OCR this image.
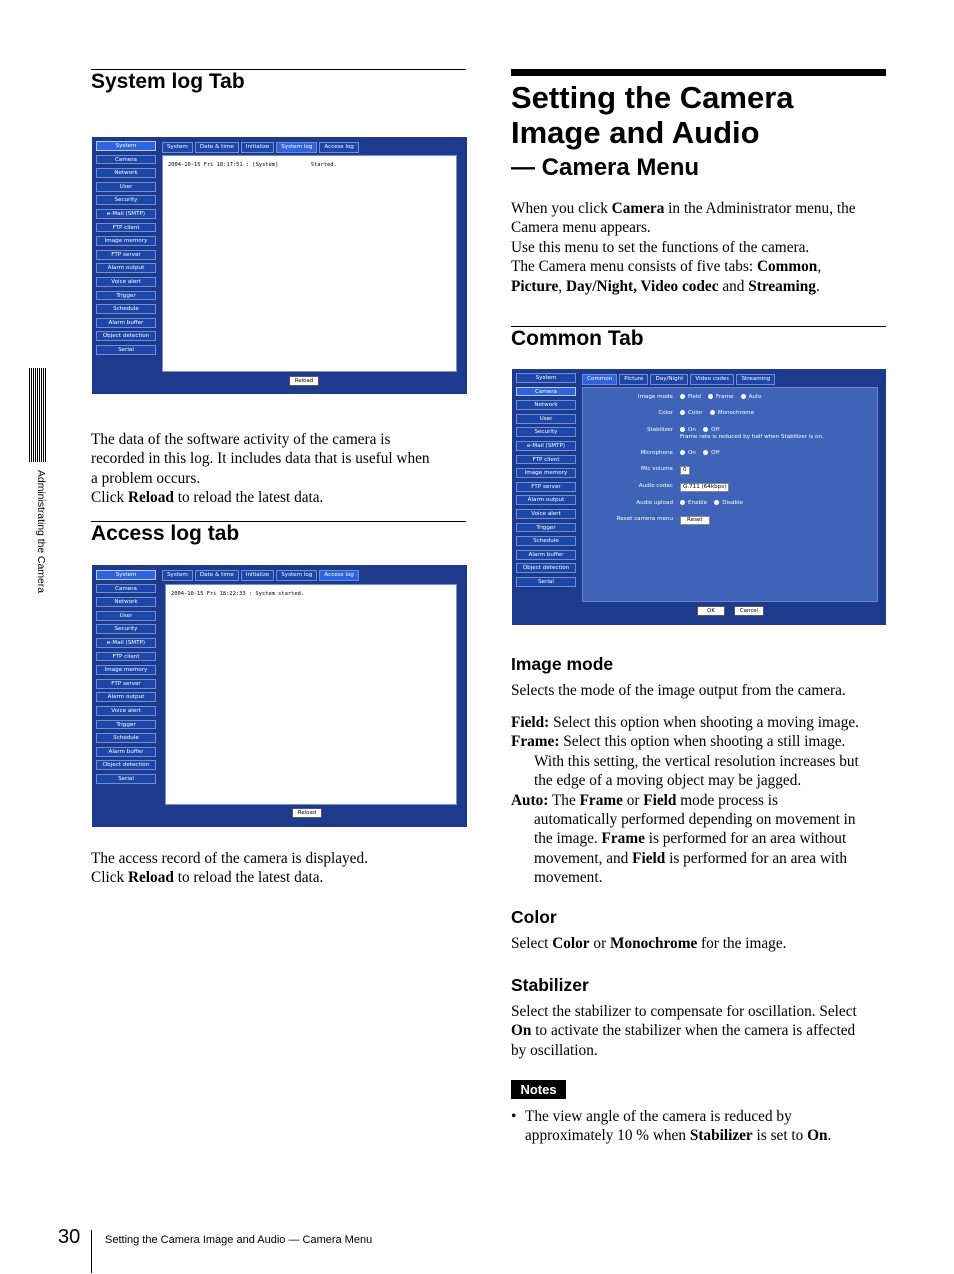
System log Tab
System
Camera
Network
User
Security
e-Mail (SMTP)
FTP client
Image memory
FTP server
Alarm output
Voice alert
Trigger
Schedule
Alarm buffer
Object detection
Serial
System Date & time Initialize System log Access log
2004-10-15 Fri 18:17:51 : [System]          Started.
Reload

The data of the software activity of the camera is
recorded in this log. It includes data that is useful when
a problem occurs.
Click Reload to reload the latest data.

Access log tab
System
Camera
Network
User
Security
e-Mail (SMTP)
FTP client
Image memory
FTP server
Alarm output
Voice alert
Trigger
Schedule
Alarm buffer
Object detection
Serial
System Date & time Initialize System log Access log
2004-10-15 Fri 18:22:33 : System started.
Reload

The access record of the camera is displayed.
Click Reload to reload the latest data.

Setting the Camera
Image and Audio
— Camera Menu

When you click Camera in the Administrator menu, the
Camera menu appears.
Use this menu to set the functions of the camera.
The Camera menu consists of five tabs: Common,
Picture, Day/Night, Video codec and Streaming.

Common Tab
System
Camera
Network
User
Security
e-Mail (SMTP)
FTP client
Image memory
FTP server
Alarm output
Voice alert
Trigger
Schedule
Alarm buffer
Object detection
Serial
Common Picture Day/Night Video codec Streaming
Image mode	Field	Frame	Auto
Color	Color	Monochrome
Stabilizer	On	Off
Frame rate is reduced by half when Stabilizer is on.
Microphone	On	Off
Mic volume	0
Audio codec	G.711 (64kbps)
Audio upload	Enable	Disable
Reset camera menu	Reset
OK	Cancel
Image mode

Selects the mode of the image output from the camera.

Field: Select this option when shooting a moving image.
Frame: Select this option when shooting a still image.
With this setting, the vertical resolution increases but
the edge of a moving object may be jagged.
Auto: The Frame or Field mode process is
automatically performed depending on movement in
the image. Frame is performed for an area without
movement, and Field is performed for an area with
movement.

Color

Select Color or Monochrome for the image.

Stabilizer

Select the stabilizer to compensate for oscillation. Select
On to activate the stabilizer when the camera is affected
by oscillation.

Notes

• The view angle of the camera is reduced by
approximately 10 % when Stabilizer is set to On.

Administrating the Camera
30 Setting the Camera Image and Audio — Camera Menu
